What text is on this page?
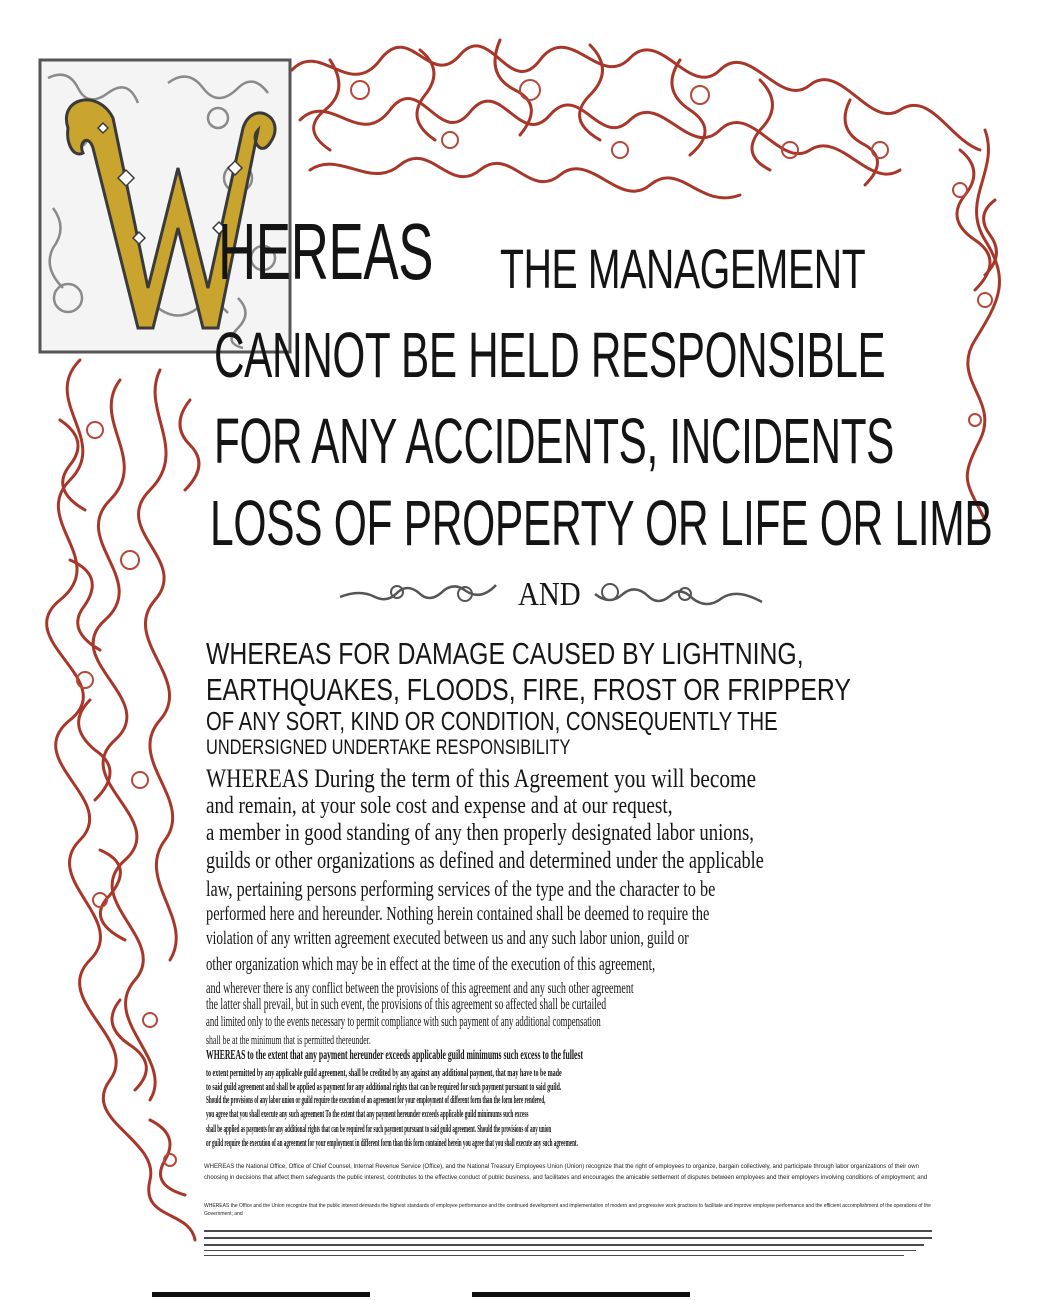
HEREAS THE MANAGEMENT
CANNOT BE HELD RESPONSIBLE
FOR ANY ACCIDENTS, INCIDENTS
LOSS OF PROPERTY OR LIFE OR LIMB
AND
WHEREAS FOR DAMAGE CAUSED BY LIGHTNING,
EARTHQUAKES, FLOODS, FIRE, FROST OR FRIPPERY
OF ANY SORT, KIND OR CONDITION, CONSEQUENTLY THE
UNDERSIGNED UNDERTAKE RESPONSIBILITY
WHEREAS During the term of this Agreement you will become
and remain, at your sole cost and expense and at our request,
a member in good standing of any then properly designated labor unions,
guilds or other organizations as defined and determined under the applicable
law, pertaining persons performing services of the type and the character to be
performed here and hereunder. Nothing herein contained shall be deemed to require the
violation of any written agreement executed between us and any such labor union, guild or
other organization which may be in effect at the time of the execution of this agreement,
and wherever there is any conflict between the provisions of this agreement and any such other agreement
the latter shall prevail, but in such event, the provisions of this agreement so affected shall be curtailed
and limited only to the events necessary to permit compliance with such payment of any additional compensation
shall be at the minimum that is permitted thereunder.
WHEREAS to the extent that any payment hereunder exceeds applicable guild minimums such excess to the fullest
to extent permitted by any applicable guild agreement, shall be credited by any against any additional payment, that may have to be made
to said guild agreement and shall be applied as payment for any additional rights that can be required for such payment pursuant to said guild.
Should the provisions of any labor union or guild require the execution of an agreement for your employment of different form than the form here rendered,
you agree that you shall execute any such agreement To the extent that any payment hereunder exceeds applicable guild minimums such excess
shall be applied as payments for any additional rights that can be required for such payment pursuant to said guild agreement. Should the provisions of any union
or guild require the execution of an agreement for your employment in different form than this form contained herein you agree that you shall execute any such agreement.
WHEREAS the National Office, Office of Chief Counsel, Internal Revenue Service (Office), and the National Treasury Employees Union (Union) recognize that the right of employees to organize, bargain collectively, and participate through labor organizations of their own choosing in decisions that affect them safeguards the public interest, contributes to the effective conduct of public business, and facilitates and encourages the amicable settlement of disputes between employees and their employers involving conditions of employment; and
WHEREAS the Office and the Union recognize that the public interest demands the highest standards of employee performance and the continued development and implementation of modern and progressive work practices to facilitate and improve employee performance and the efficient accomplishment of the operations of the Government; and
